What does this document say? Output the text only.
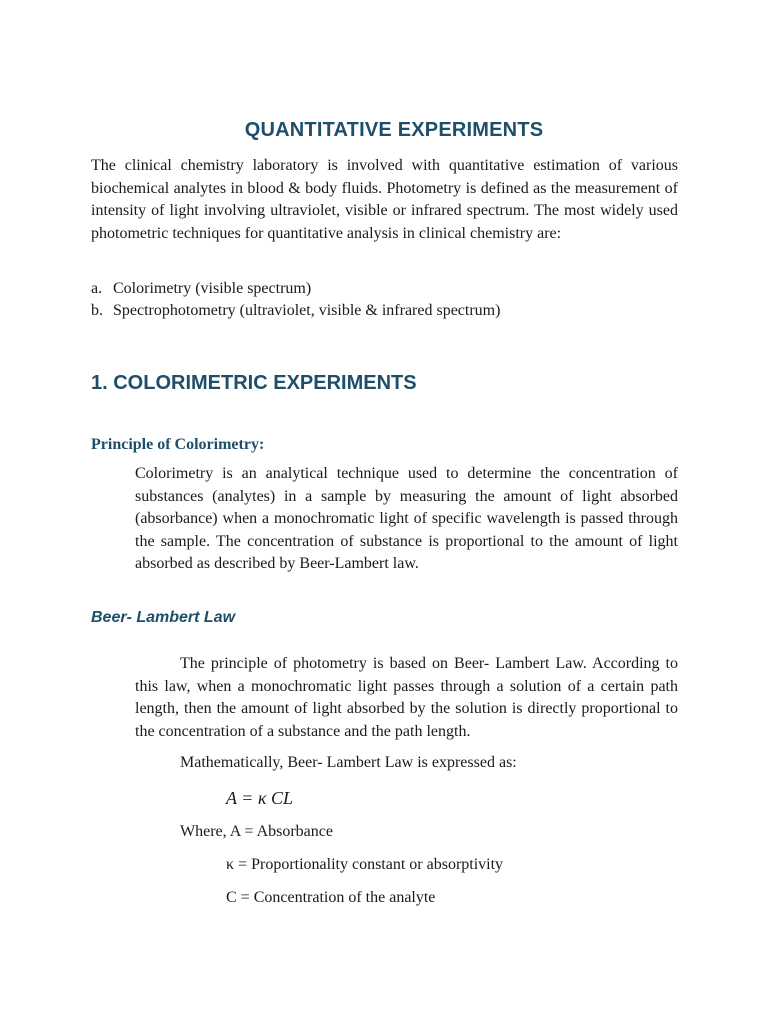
QUANTITATIVE EXPERIMENTS
The clinical chemistry laboratory is involved with quantitative estimation of various biochemical analytes in blood & body fluids. Photometry is defined as the measurement of intensity of light involving ultraviolet, visible or infrared spectrum. The most widely used photometric techniques for quantitative analysis in clinical chemistry are:
a. Colorimetry (visible spectrum)
b. Spectrophotometry (ultraviolet, visible & infrared spectrum)
1. COLORIMETRIC EXPERIMENTS
Principle of Colorimetry:
Colorimetry is an analytical technique used to determine the concentration of substances (analytes) in a sample by measuring the amount of light absorbed (absorbance) when a monochromatic light of specific wavelength is passed through the sample. The concentration of substance is proportional to the amount of light absorbed as described by Beer-Lambert law.
Beer- Lambert Law
The principle of photometry is based on Beer- Lambert Law. According to this law, when a monochromatic light passes through a solution of a certain path length, then the amount of light absorbed by the solution is directly proportional to the concentration of a substance and the path length.
Mathematically, Beer- Lambert Law is expressed as:
A = κ CL
Where, A = Absorbance
κ = Proportionality constant or absorptivity
C = Concentration of the analyte
